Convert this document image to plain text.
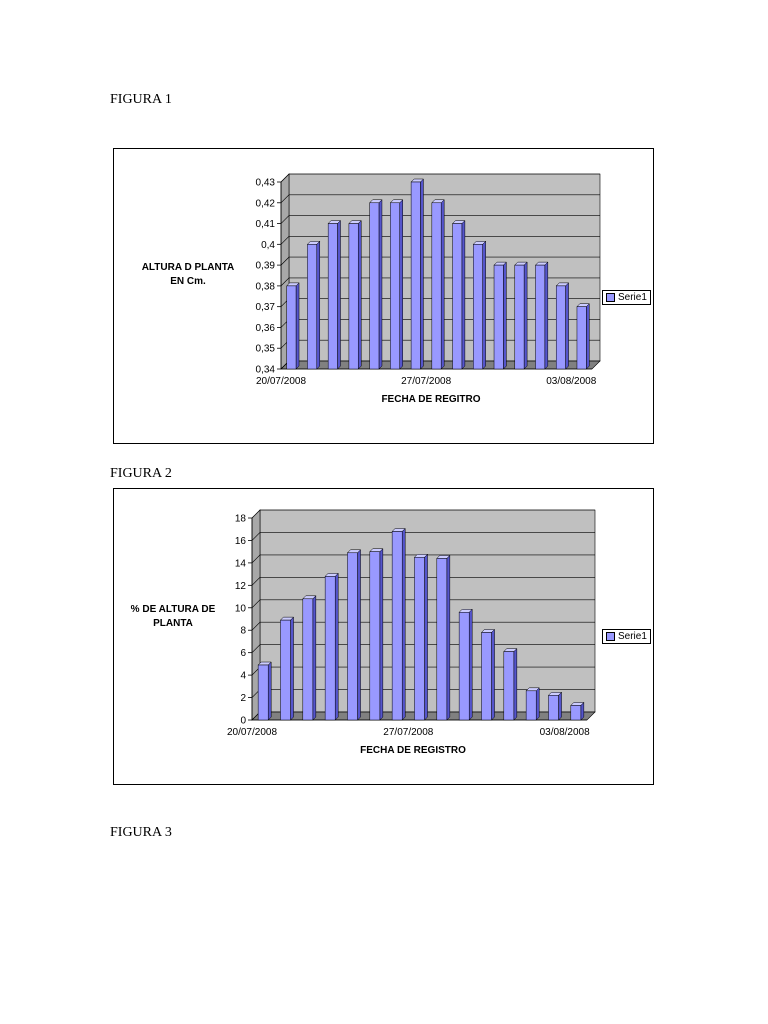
FIGURA 1
0,34
0,35
0,36
0,37
0,38
0,39
0,4
0,41
0,42
0,43
20/07/2008	27/07/2008	03/08/2008
ALTURA D PLANTA
EN Cm.
FECHA DE REGITRO
Serie1
FIGURA 2
0
2
4
6
8
10
12
14
16
18
20/07/2008	27/07/2008	03/08/2008
% DE ALTURA DE
PLANTA
FECHA DE REGISTRO
Serie1
FIGURA 3
